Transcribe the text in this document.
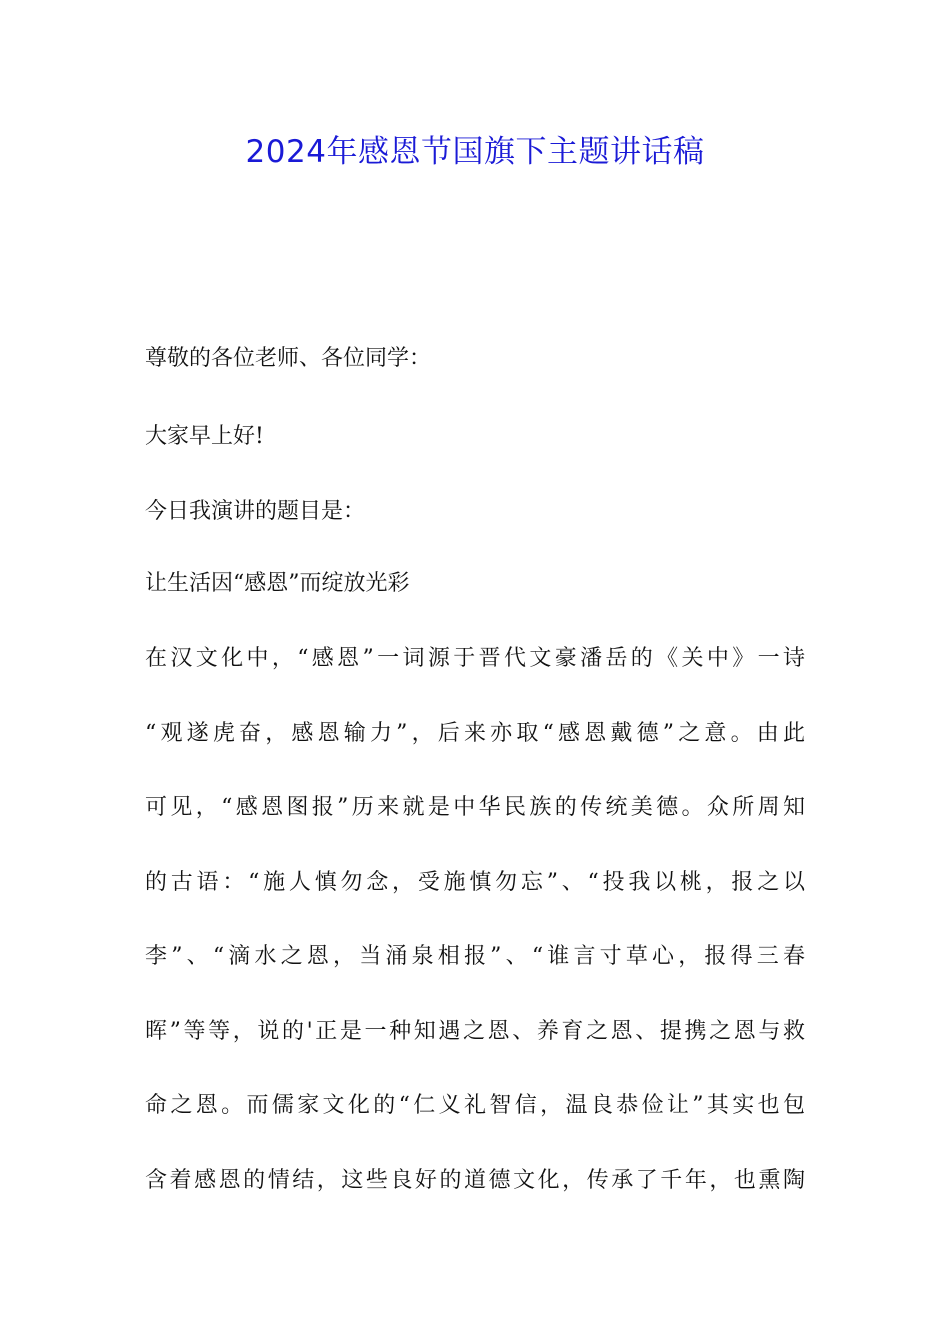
2024年感恩节国旗下主题讲话稿
尊敬的各位老师、各位同学：
大家早上好!
今日我演讲的题目是：
让生活因“感恩”而绽放光彩
在汉文化中，“感恩”一词源于晋代文豪潘岳的《关中》一诗
“观遂虎奋，感恩输力”，后来亦取“感恩戴德”之意。由此
可见，“感恩图报”历来就是中华民族的传统美德。众所周知
的古语：“施人慎勿念，受施慎勿忘”、“投我以桃，报之以
李”、“滴水之恩，当涌泉相报”、“谁言寸草心，报得三春
晖”等等，说的'正是一种知遇之恩、养育之恩、提携之恩与救
命之恩。而儒家文化的“仁义礼智信，温良恭俭让”其实也包
含着感恩的情结，这些良好的道德文化，传承了千年，也熏陶
